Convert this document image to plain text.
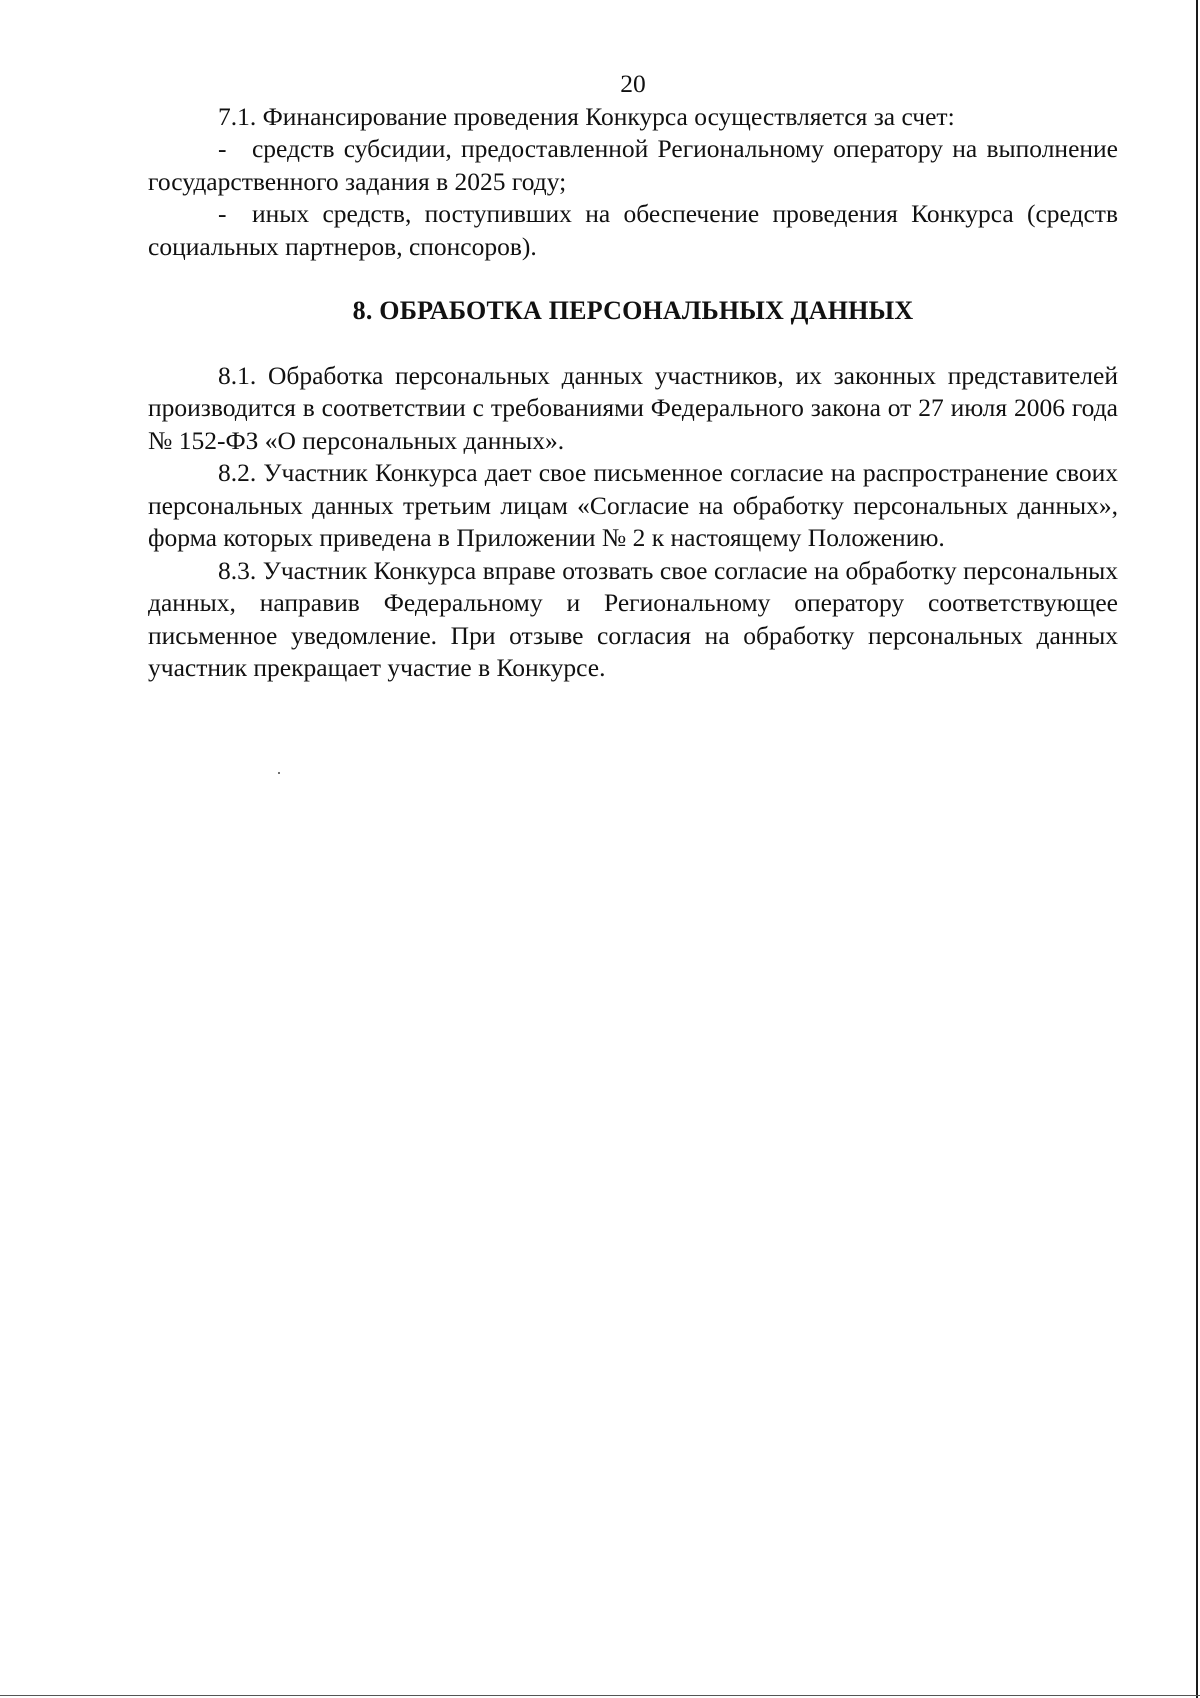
20

7.1. Финансирование проведения Конкурса осуществляется за счет:

- средств субсидии, предоставленной Региональному оператору на выполнение государственного задания в 2025 году;

- иных средств, поступивших на обеспечение проведения Конкурса (средств социальных партнеров, спонсоров).

8. ОБРАБОТКА ПЕРСОНАЛЬНЫХ ДАННЫХ

8.1. Обработка персональных данных участников, их законных представителей производится в соответствии с требованиями Федерального закона от 27 июля 2006 года № 152-ФЗ «О персональных данных».

8.2. Участник Конкурса дает свое письменное согласие на распространение своих персональных данных третьим лицам «Согласие на обработку персональных данных», форма которых приведена в Приложении № 2 к настоящему Положению.

8.3. Участник Конкурса вправе отозвать свое согласие на обработку персональных данных, направив Федеральному и Региональному оператору соответствующее письменное уведомление. При отзыве согласия на обработку персональных данных участник прекращает участие в Конкурсе.
